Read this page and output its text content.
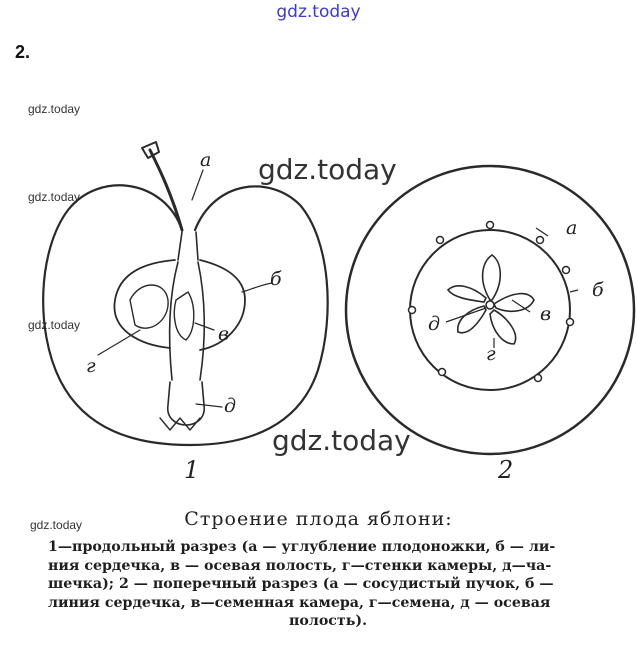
gdz.today
2.
gdz.today
gdz.today
gdz.today
gdz.today
а
б
в
г
д
1
а
б
в
г
д
2
gdz.today
gdz.today
Строение плода яблони:
1—продольный разрез (а — углубление плодоножки, б — ли-
ния сердечка, в — осевая полость, г—стенки камеры, д—ча-
шечка); 2 — поперечный разрез (а — сосудистый пучок, б —
линия сердечка, в—семенная камера, г—семена, д — осевая
полость).
